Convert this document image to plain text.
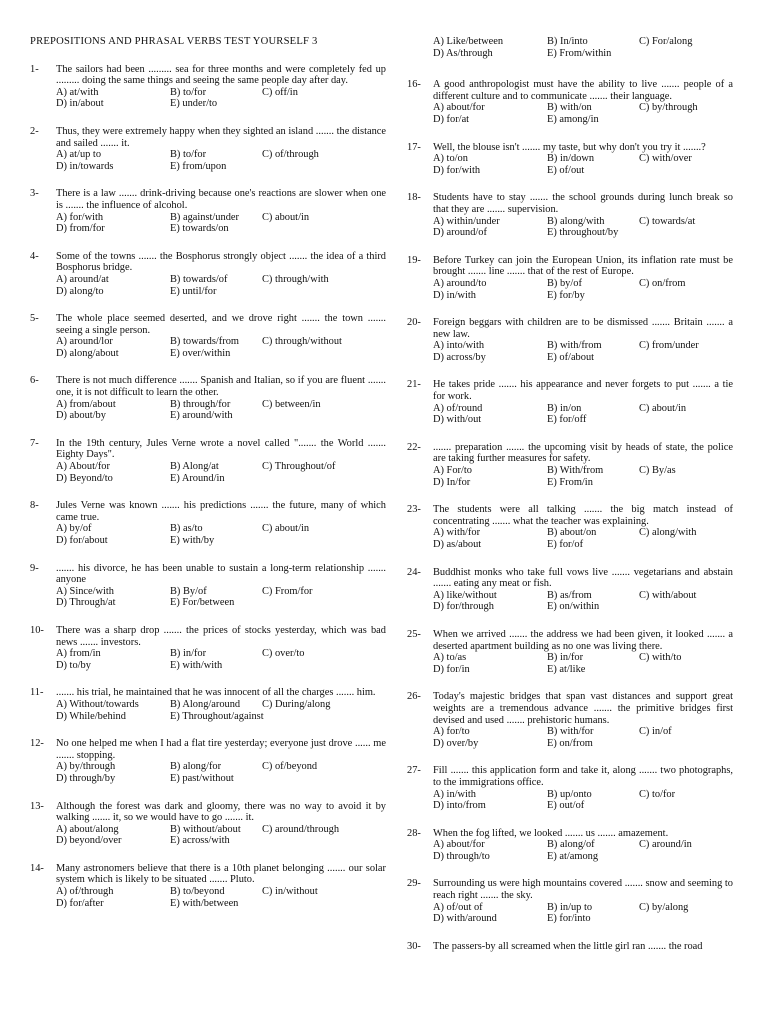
PREPOSITIONS AND PHRASAL VERBS TEST YOURSELF 3
1- The sailors had been ......... sea for three months and were completely fed up ......... doing the same things and seeing the same people day after day.
A) at/with	B) to/for	C) off/in
D) in/about	E) under/to
2- Thus, they were extremely happy when they sighted an island ....... the distance and sailed ....... it.
A) at/up to	B) to/for	C) of/through
D) in/towards	E) from/upon
3- There is a law ....... drink-driving because one's reactions are slower when one is ....... the influence of alcohol.
A) for/with	B) against/under	C) about/in
D) from/for	E) towards/on
4- Some of the towns ....... the Bosphorus strongly object ....... the idea of a third Bosphorus bridge.
A) around/at	B) towards/of	C) through/with
D) along/to	E) until/for
5- The whole place seemed deserted, and we drove right ....... the town ....... seeing a single person.
A) around/lor	B) towards/from	C) through/without
D) along/about	E) over/within
6- There is not much difference ....... Spanish and Italian, so if you are fluent ....... one, it is not difficult to learn the other.
A) from/about	B) through/for	C) between/in
D) about/by	E) around/with
7- In the 19th century, Jules Verne wrote a novel called "....... the World ....... Eighty Days".
A) About/for	B) Along/at	C) Throughout/of
D) Beyond/to	E) Around/in
8- Jules Verne was known ....... his predictions ....... the future, many of which came true.
A) by/of	B) as/to	C) about/in
D) for/about	E) with/by
9- ....... his divorce, he has been unable to sustain a long-term relationship ....... anyone
A) Since/with	B) By/of	C) From/for
D) Through/at	E) For/between
10- There was a sharp drop ....... the prices of stocks yesterday, which was bad news ....... investors.
A) from/in	B) in/for	C) over/to
D) to/by	E) with/with
11- ....... his trial, he maintained that he was innocent of all the charges ....... him.
A) Without/towards	B) Along/around	C) During/along
D) While/behind	E) Throughout/against
12- No one helped me when I had a flat tire yesterday; everyone just drove ...... me ....... stopping.
A) by/through	B) along/for	C) of/beyond
D) through/by	E) past/without
13- Although the forest was dark and gloomy, there was no way to avoid it by walking ....... it, so we would have to go ....... it.
A) about/along	B) without/about	C) around/through
D) beyond/over	E) across/with
14- Many astronomers believe that there is a 10th planet belonging ....... our solar system which is likely to be situated ....... Pluto.
A) of/through	B) to/beyond	C) in/without
D) for/after	E) with/between
A) Like/between	B) In/into	C) For/along
D) As/through	E) From/within
16- A good anthropologist must have the ability to live ....... people of a different culture and to communicate ....... their language.
A) about/for	B) with/on	C) by/through
D) for/at	E) among/in
17- Well, the blouse isn't ....... my taste, but why don't you try it .......?
A) to/on	B) in/down	C) with/over
D) for/with	E) of/out
18- Students have to stay ....... the school grounds during lunch break so that they are ....... supervision.
A) within/under	B) along/with	C) towards/at
D) around/of	E) throughout/by
19- Before Turkey can join the European Union, its inflation rate must be brought ....... line ....... that of the rest of Europe.
A) around/to	B) by/of	C) on/from
D) in/with	E) for/by
20- Foreign beggars with children are to be dismissed ....... Britain ....... a new law.
A) into/with	B) with/from	C) from/under
D) across/by	E) of/about
21- He takes pride ....... his appearance and never forgets to put ....... a tie for work.
A) of/round	B) in/on	C) about/in
D) with/out	E) for/off
22- ....... preparation ....... the upcoming visit by heads of state, the police are taking further measures for safety.
A) For/to	B) With/from	C) By/as
D) In/for	E) From/in
23- The students were all talking ....... the big match instead of concentrating ....... what the teacher was explaining.
A) with/for	B) about/on	C) along/with
D) as/about	E) for/of
24- Buddhist monks who take full vows live ....... vegetarians and abstain ....... eating any meat or fish.
A) like/without	B) as/from	C) with/about
D) for/through	E) on/within
25- When we arrived ....... the address we had been given, it looked ....... a deserted apartment building as no one was living there.
A) to/as	B) in/for	C) with/to
D) for/in	E) at/like
26- Today's majestic bridges that span vast distances and support great weights are a tremendous advance ....... the primitive bridges first devised and used ....... prehistoric humans.
A) for/to	B) with/for	C) in/of
D) over/by	E) on/from
27- Fill ....... this application form and take it, along ....... two photographs, to the immigrations office.
A) in/with	B) up/onto	C) to/for
D) into/from	E) out/of
28- When the fog lifted, we looked ....... us ....... amazement.
A) about/for	B) along/of	C) around/in
D) through/to	E) at/among
29- Surrounding us were high mountains covered ....... snow and seeming to reach right ....... the sky.
A) of/out of	B) in/up to	C) by/along
D) with/around	E) for/into
30- The passers-by all screamed when the little girl ran ....... the road
